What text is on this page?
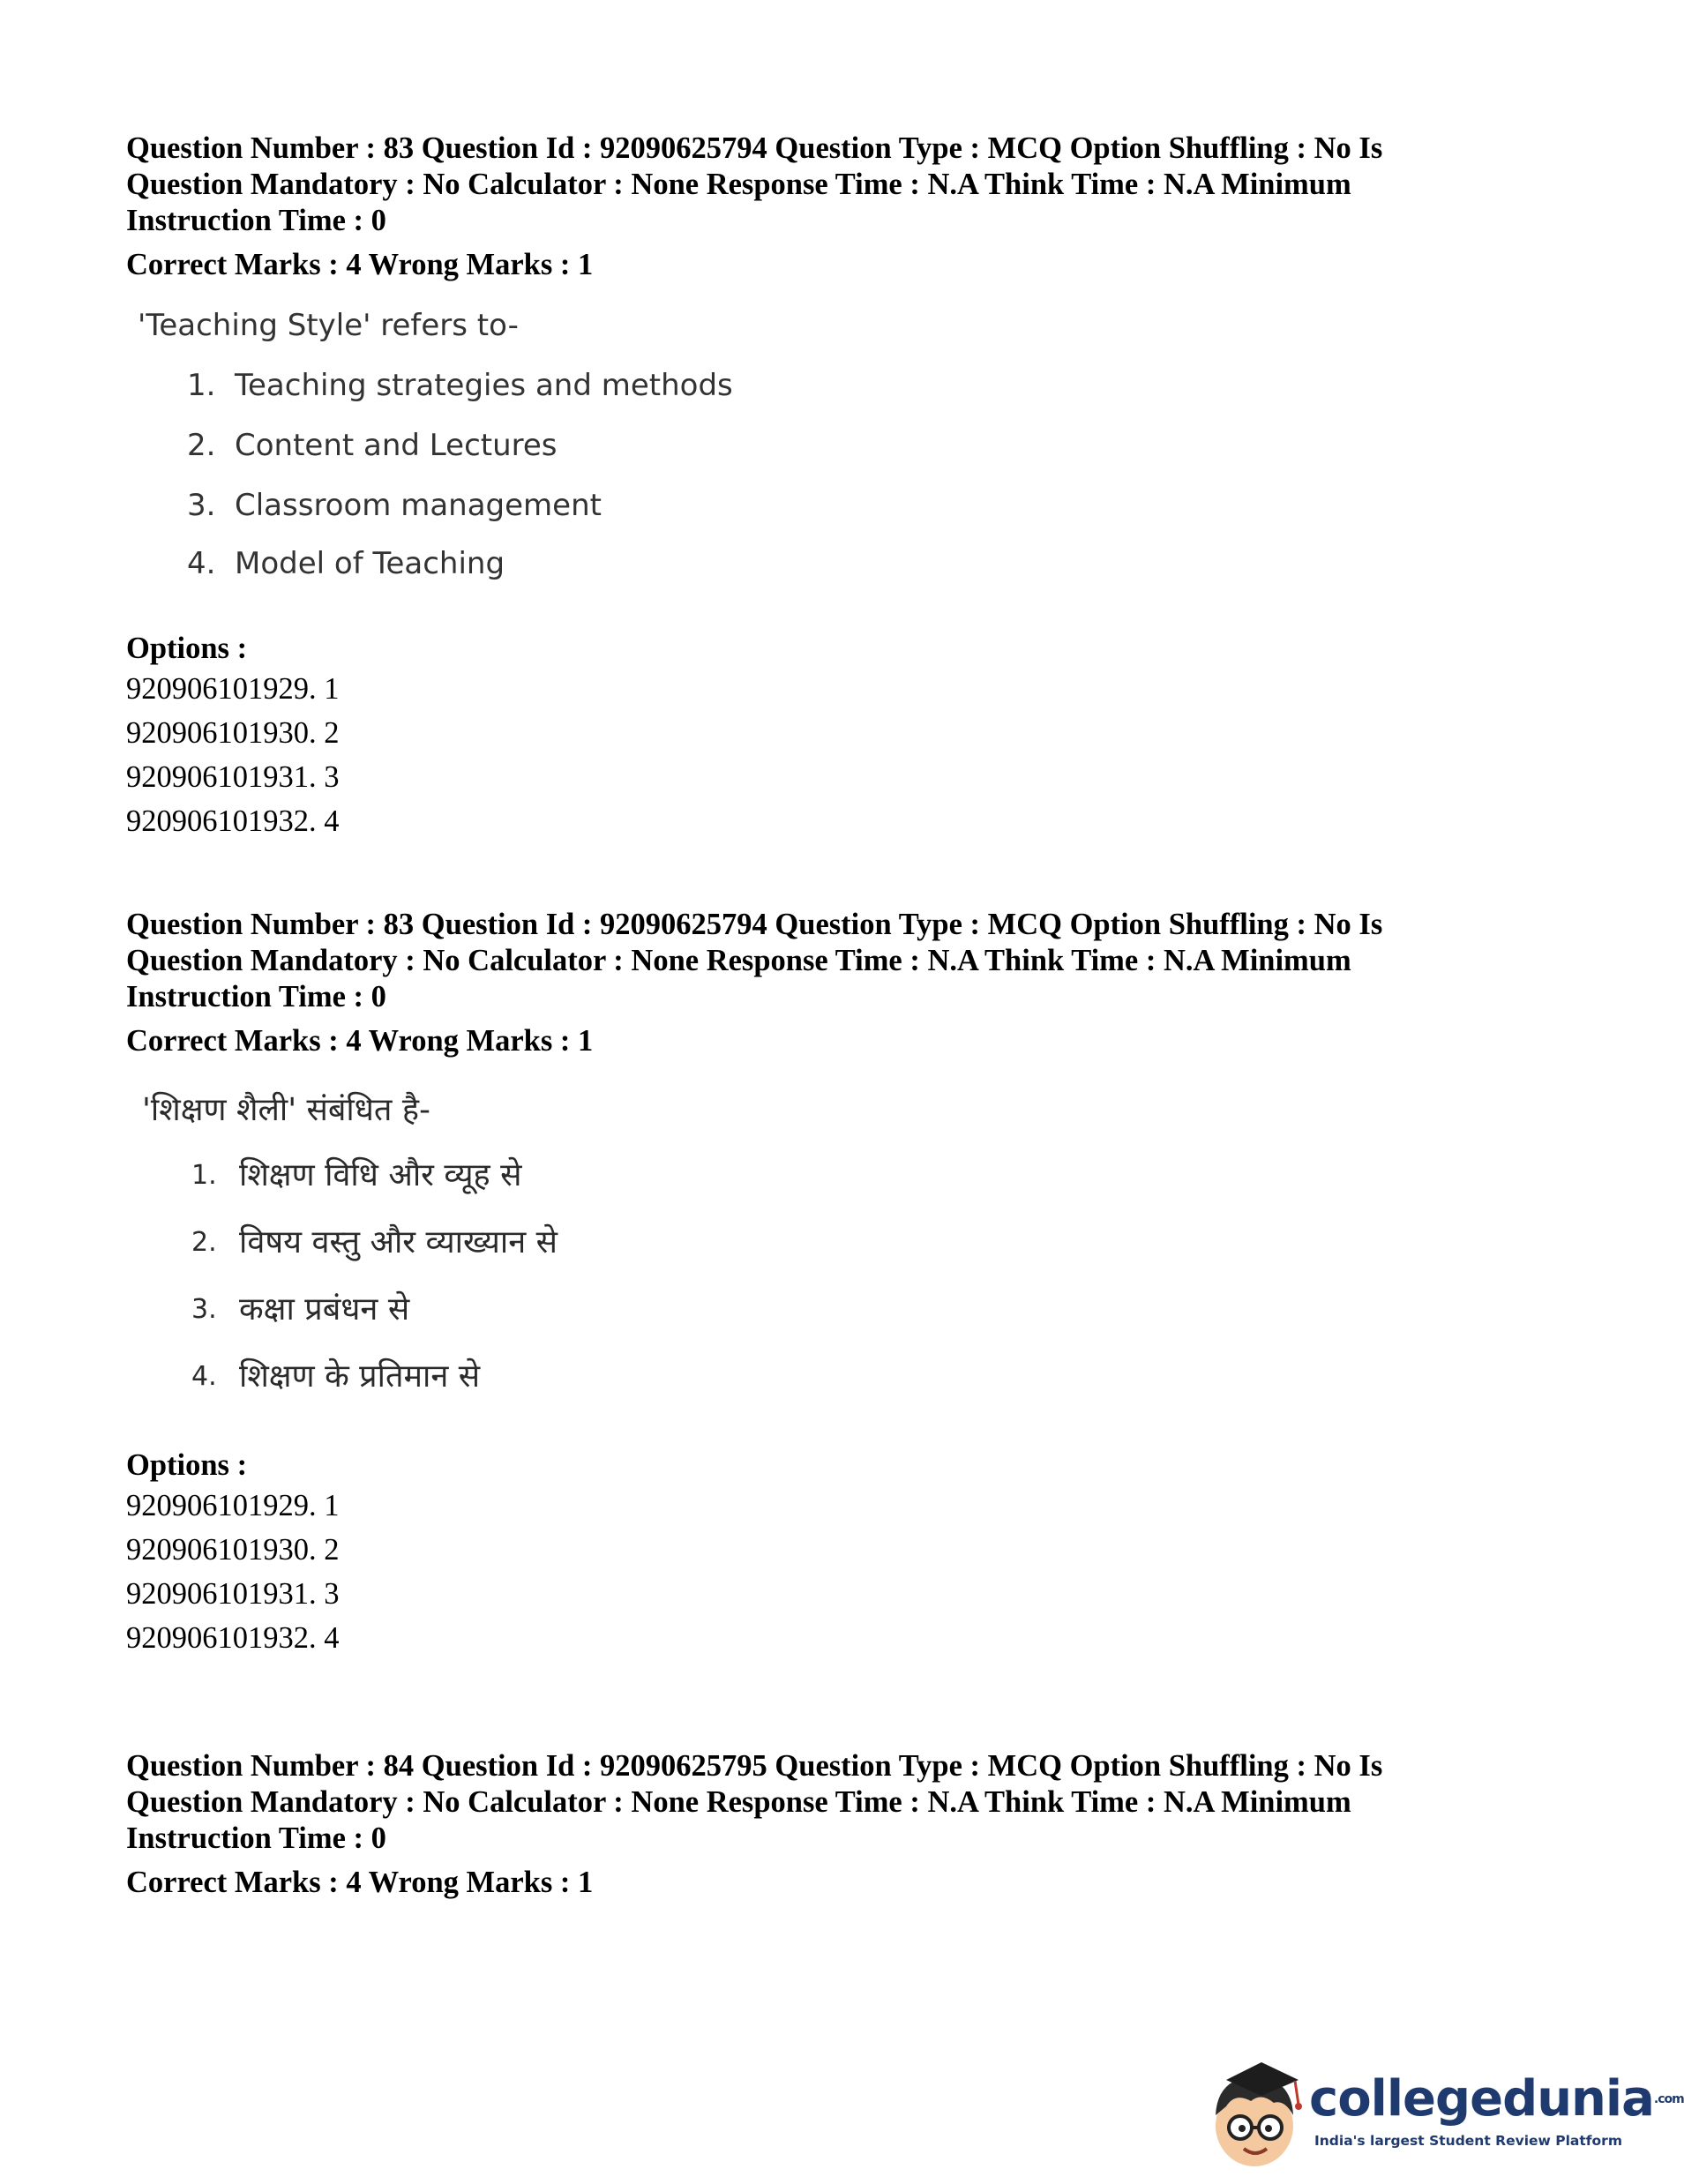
Question Number : 83 Question Id : 92090625794 Question Type : MCQ Option Shuffling : No Is Question Mandatory : No Calculator : None Response Time : N.A Think Time : N.A Minimum Instruction Time : 0

Correct Marks : 4 Wrong Marks : 1

'Teaching Style' refers to-

1. Teaching strategies and methods
2. Content and Lectures
3. Classroom management
4. Model of Teaching

Options :

920906101929. 1

920906101930. 2

920906101931. 3

920906101932. 4

Question Number : 83 Question Id : 92090625794 Question Type : MCQ Option Shuffling : No Is Question Mandatory : No Calculator : None Response Time : N.A Think Time : N.A Minimum Instruction Time : 0

Correct Marks : 4 Wrong Marks : 1

'शिक्षण शैली' संबंधित है-

1. शिक्षण विधि और व्यूह से
2. विषय वस्तु और व्याख्यान से
3. कक्षा प्रबंधन से
4. शिक्षण के प्रतिमान से

Options :

920906101929. 1

920906101930. 2

920906101931. 3

920906101932. 4

Question Number : 84 Question Id : 92090625795 Question Type : MCQ Option Shuffling : No Is Question Mandatory : No Calculator : None Response Time : N.A Think Time : N.A Minimum Instruction Time : 0

Correct Marks : 4 Wrong Marks : 1

collegedunia$^{.com}$
India's largest Student Review Platform
